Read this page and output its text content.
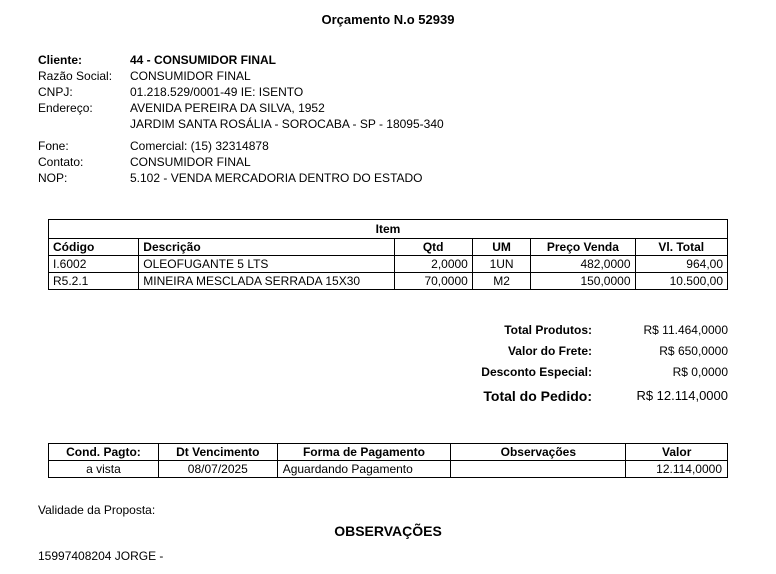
Orçamento N.o 52939
Cliente:	44 - CONSUMIDOR FINAL
Razão Social:	CONSUMIDOR FINAL
CNPJ:	01.218.529/0001-49 IE: ISENTO
Endereço:	AVENIDA PEREIRA DA SILVA, 1952
JARDIM SANTA ROSÁLIA - SOROCABA - SP - 18095-340
Fone:	Comercial: (15) 32314878
Contato:	CONSUMIDOR FINAL
NOP:	5.102 - VENDA MERCADORIA DENTRO DO ESTADO
Item					
Código	Descrição	Qtd	UM	Preço Venda	Vl. Total
I.6002	OLEOFUGANTE 5 LTS	2,0000	1UN	482,0000	964,00
R5.2.1	MINEIRA MESCLADA SERRADA 15X30	70,0000	M2	150,0000	10.500,00
Total Produtos:	R$ 11.464,0000
Valor do Frete:	R$ 650,0000
Desconto Especial:	R$ 0,0000
Total do Pedido:	R$ 12.114,0000
Cond. Pagto:	Dt Vencimento	Forma de Pagamento	Observações	Valor
a vista	08/07/2025	Aguardando Pagamento		12.114,0000
Validade da Proposta:
OBSERVAÇÕES
15997408204 JORGE -
